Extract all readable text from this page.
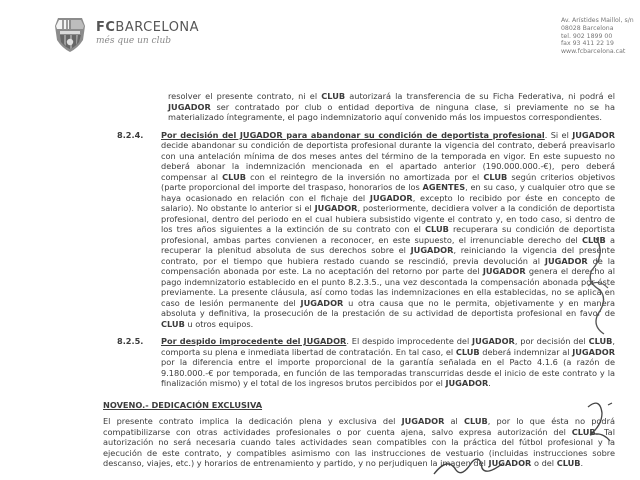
FCBARCELONA
més que un club
Av. Arístides Maillol, s/n
08028 Barcelona
tel. 902 1899 00
fax 93 411 22 19
www.fcbarcelona.cat

resolver el presente contrato, ni el CLUB autorizará la transferencia de su Ficha Federativa, ni podrá el JUGADOR ser contratado por club o entidad deportiva de ninguna clase, si previamente no se ha materializado íntegramente, el pago indemnizatorio aquí convenido más los impuestos correspondientes.

8.2.4.	Por decisión del JUGADOR para abandonar su condición de deportista profesional. Si el JUGADOR decide abandonar su condición de deportista profesional durante la vigencia del contrato, deberá preavisarlo con una antelación mínima de dos meses antes del término de la temporada en vigor. En este supuesto no deberá abonar la indemnización mencionada en el apartado anterior (190.000.000.-€), pero deberá compensar al CLUB con el reintegro de la inversión no amortizada por el CLUB según criterios objetivos (parte proporcional del importe del traspaso, honorarios de los AGENTES, en su caso, y cualquier otro que se haya ocasionado en relación con el fichaje del JUGADOR, excepto lo recibido por éste en concepto de salario). No obstante lo anterior si el JUGADOR, posteriormente, decidiera volver a la condición de deportista profesional, dentro del periodo en el cual hubiera subsistido vigente el contrato y, en todo caso, si dentro de los tres años siguientes a la extinción de su contrato con el CLUB recuperara su condición de deportista profesional, ambas partes convienen a reconocer, en este supuesto, el irrenunciable derecho del CLUB a recuperar la plenitud absoluta de sus derechos sobre el JUGADOR, reiniciando la vigencia del presente contrato, por el tiempo que hubiera restado cuando se rescindió, previa devolución al JUGADOR de la compensación abonada por este. La no aceptación del retorno por parte del JUGADOR genera el derecho al pago indemnizatorio establecido en el punto 8.2.3.5., una vez descontada la compensación abonada por éste previamente. La presente cláusula, así como todas las indemnizaciones en ella establecidas, no se aplica en caso de lesión permanente del JUGADOR u otra causa que no le permita, objetivamente y en manera absoluta y definitiva, la prosecución de la prestación de su actividad de deportista profesional en favor de CLUB u otros equipos.
8.2.5.	Por despido improcedente del JUGADOR. El despido improcedente del JUGADOR, por decisión del CLUB, comporta su plena e inmediata libertad de contratación. En tal caso, el CLUB deberá indemnizar al JUGADOR por la diferencia entre el importe proporcional de la garantía señalada en el Pacto 4.1.6 (a razón de 9.180.000.-€ por temporada, en función de las temporadas transcurridas desde el inicio de este contrato y la finalización mismo) y el total de los ingresos brutos percibidos por el JUGADOR.
NOVENO.- DEDICACIÓN EXCLUSIVA

El presente contrato implica la dedicación plena y exclusiva del JUGADOR al CLUB, por lo que ésta no podrá compatibilizarse con otras actividades profesionales o por cuenta ajena, salvo expresa autorización del CLUB. Tal autorización no será necesaria cuando tales actividades sean compatibles con la práctica del fútbol profesional y la ejecución de este contrato, y compatibles asimismo con las instrucciones de vestuario (incluidas instrucciones sobre descanso, viajes, etc.) y horarios de entrenamiento y partido, y no perjudiquen la imagen del JUGADOR o del CLUB.
